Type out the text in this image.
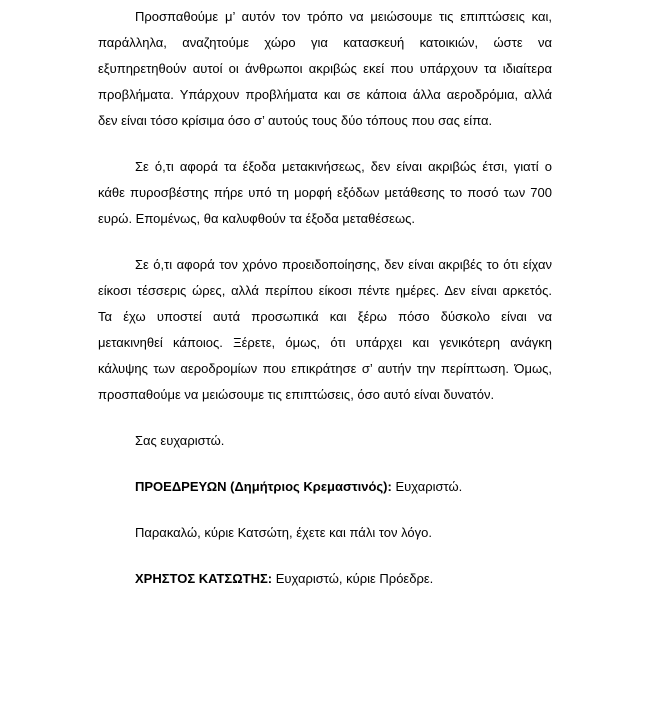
Προσπαθούμε μ’ αυτόν τον τρόπο να μειώσουμε τις επιπτώσεις και,
παράλληλα, αναζητούμε χώρο για κατασκευή κατοικιών, ώστε να
εξυπηρετηθούν αυτοί οι άνθρωποι ακριβώς εκεί που υπάρχουν τα ιδιαίτερα
προβλήματα. Υπάρχουν προβλήματα και σε κάποια άλλα αεροδρόμια, αλλά
δεν είναι τόσο κρίσιμα όσο σ’ αυτούς τους δύο τόπους που σας είπα.
Σε ό,τι αφορά τα έξοδα μετακινήσεως, δεν είναι ακριβώς έτσι, γιατί ο
κάθε πυροσβέστης πήρε υπό τη μορφή εξόδων μετάθεσης το ποσό των 700
ευρώ. Επομένως, θα καλυφθούν τα έξοδα μεταθέσεως.
Σε ό,τι αφορά τον χρόνο προειδοποίησης, δεν είναι ακριβές το ότι είχαν
είκοσι τέσσερις ώρες, αλλά περίπου είκοσι πέντε ημέρες. Δεν είναι αρκετός.
Τα έχω υποστεί αυτά προσωπικά και ξέρω πόσο δύσκολο είναι να
μετακινηθεί κάποιος. Ξέρετε, όμως, ότι υπάρχει και γενικότερη ανάγκη
κάλυψης των αεροδρομίων που επικράτησε σ’ αυτήν την περίπτωση. Όμως,
προσπαθούμε να μειώσουμε τις επιπτώσεις, όσο αυτό είναι δυνατόν.

Σας ευχαριστώ.

ΠΡΟΕΔΡΕΥΩΝ (Δημήτριος Κρεμαστινός): Ευχαριστώ.

Παρακαλώ, κύριε Κατσώτη, έχετε και πάλι τον λόγο.

ΧΡΗΣΤΟΣ ΚΑΤΣΩΤΗΣ: Ευχαριστώ, κύριε Πρόεδρε.
